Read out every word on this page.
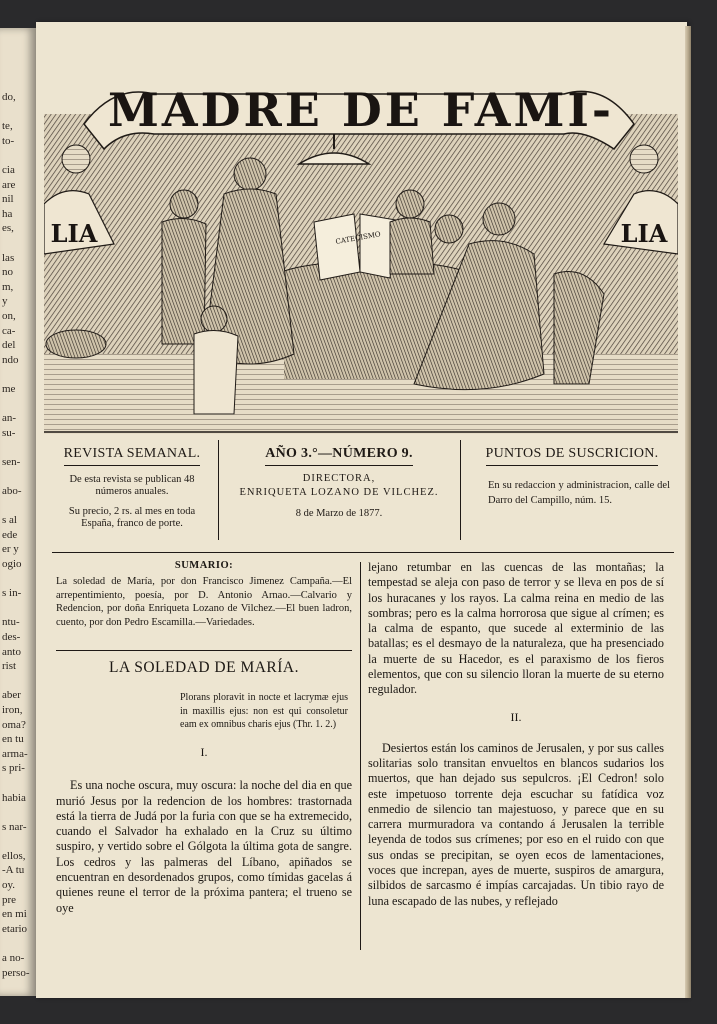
do,

te,
to-

cia
are
nil
ha
es,

las
no
m,
y
on,
ca-
del
ndo

me

an-
su-

sen-

abo-

s al
ede
er y
ogio

s in-

ntu-
des-
anto
rist

aber
iron,
oma?
en tu
arma-
s pri-

habia

s nar-

ellos,
-A tu
oy.
pre
en mi
etario

a no-
perso-
MADRE DE FAMI-
LIA	LIA
CATECISMO
REVISTA SEMANAL.
De esta revista se publican 48 números anuales.
Su precio, 2 rs. al mes en toda España, franco de porte.
AÑO 3.°—NÚMERO 9.
DIRECTORA,
ENRIQUETA LOZANO DE VILCHEZ.
8 de Marzo de 1877.
PUNTOS DE SUSCRICION.
En su redaccion y administracion, calle del Darro del Campillo, núm. 15.
SUMARIO:

La soledad de María, por don Francisco Jimenez Campaña.—El arrepentimiento, poesía, por D. Antonio Arnao.—Calvario y Redencion, por doña Enriqueta Lozano de Vilchez.—El buen ladron, cuento, por don Pedro Escamilla.—Variedades.

LA SOLEDAD DE MARÍA.
Plorans ploravit in nocte et lacrymæ ejus in maxillis ejus: non est qui consoletur eam ex omnibus charis ejus (Thr. 1. 2.)
I.

Es una noche oscura, muy oscura: la noche del dia en que murió Jesus por la redencion de los hombres: trastornada está la tierra de Judá por la furia con que se ha extremecido, cuando el Salvador ha exhalado en la Cruz su último suspiro, y vertido sobre el Gólgota la última gota de sangre. Los cedros y las palmeras del Líbano, apiñados se encuentran en desordenados grupos, como tímidas gacelas á quienes reune el terror de la próxima pantera; el trueno se oye

lejano retumbar en las cuencas de las montañas; la tempestad se aleja con paso de terror y se lleva en pos de sí los huracanes y los rayos. La calma reina en medio de las sombras; pero es la calma horrorosa que sigue al crímen; es la calma de espanto, que sucede al exterminio de las batallas; es el desmayo de la naturaleza, que ha presenciado la muerte de su Hacedor, es el paraxismo de los fieros elementos, que con su silencio lloran la muerte de su eterno regulador.

II.

Desiertos están los caminos de Jerusalen, y por sus calles solitarias solo transitan envueltos en blancos sudarios los muertos, que han dejado sus sepulcros. ¡El Cedron! solo este impetuoso torrente deja escuchar su fatídica voz enmedio de silencio tan majestuoso, y parece que en su carrera murmuradora va contando á Jerusalen la terrible leyenda de todos sus crímenes; por eso en el ruido con que sus ondas se precipitan, se oyen ecos de lamentaciones, voces que increpan, ayes de muerte, suspiros de amargura, silbidos de sarcasmo é impías carcajadas. Un tibio rayo de luna escapado de las nubes, y reflejado
